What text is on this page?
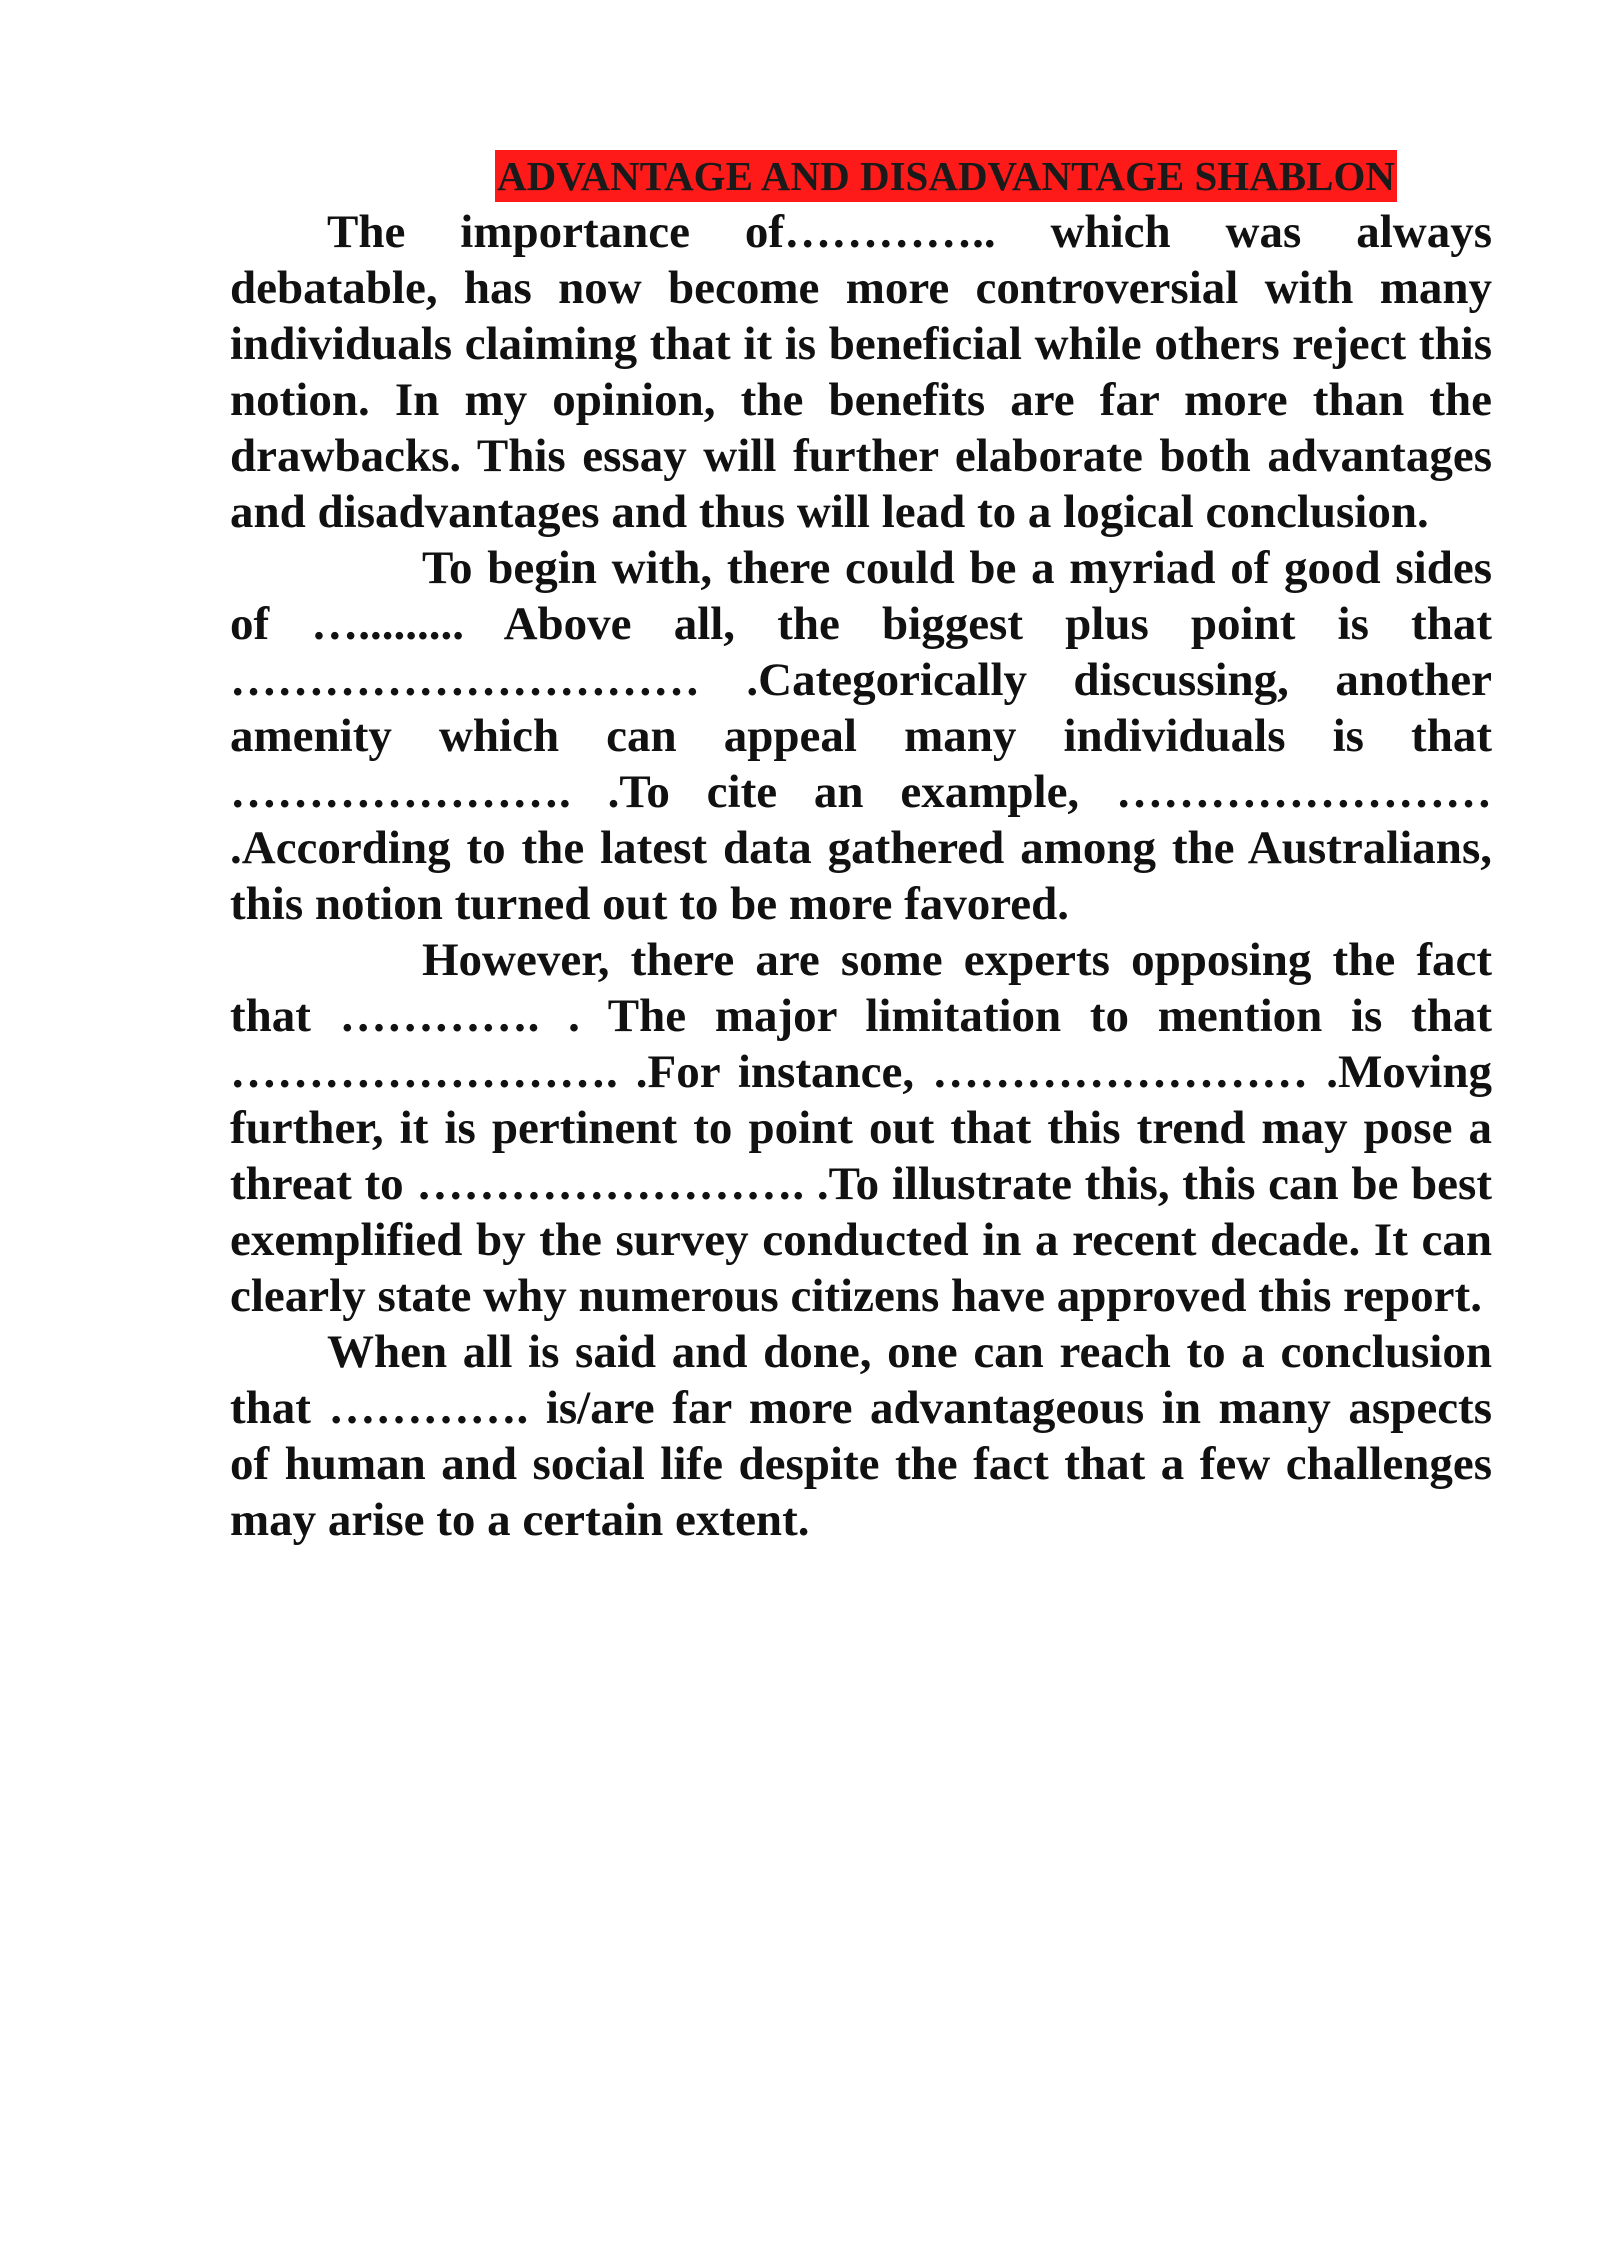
ADVANTAGE AND DISADVANTAGE SHABLON

The importance of………….. which was always debatable, has now become more controversial with many individuals claiming that it is beneficial while others reject this notion. In my opinion, the benefits are far more than the drawbacks. This essay will further elaborate both advantages and disadvantages and thus will lead to a logical conclusion.

To begin with, there could be a myriad of good sides of …......... Above all, the biggest plus point is that ………………………… .Categorically discussing, another amenity which can appeal many individuals is that …………………. .To cite an example, …………………… .According to the latest data gathered among the Australians, this notion turned out to be more favored.

However, there are some experts opposing the fact that …………. . The major limitation to mention is that ……………………. .For instance, …………………… .Moving further, it is pertinent to point out that this trend may pose a threat to ……………………. .To illustrate this, this can be best exemplified by the survey conducted in a recent decade. It can clearly state why numerous citizens have approved this report.

When all is said and done, one can reach to a conclusion that …………. is/are far more advantageous in many aspects of human and social life despite the fact that a few challenges may arise to a certain extent.
